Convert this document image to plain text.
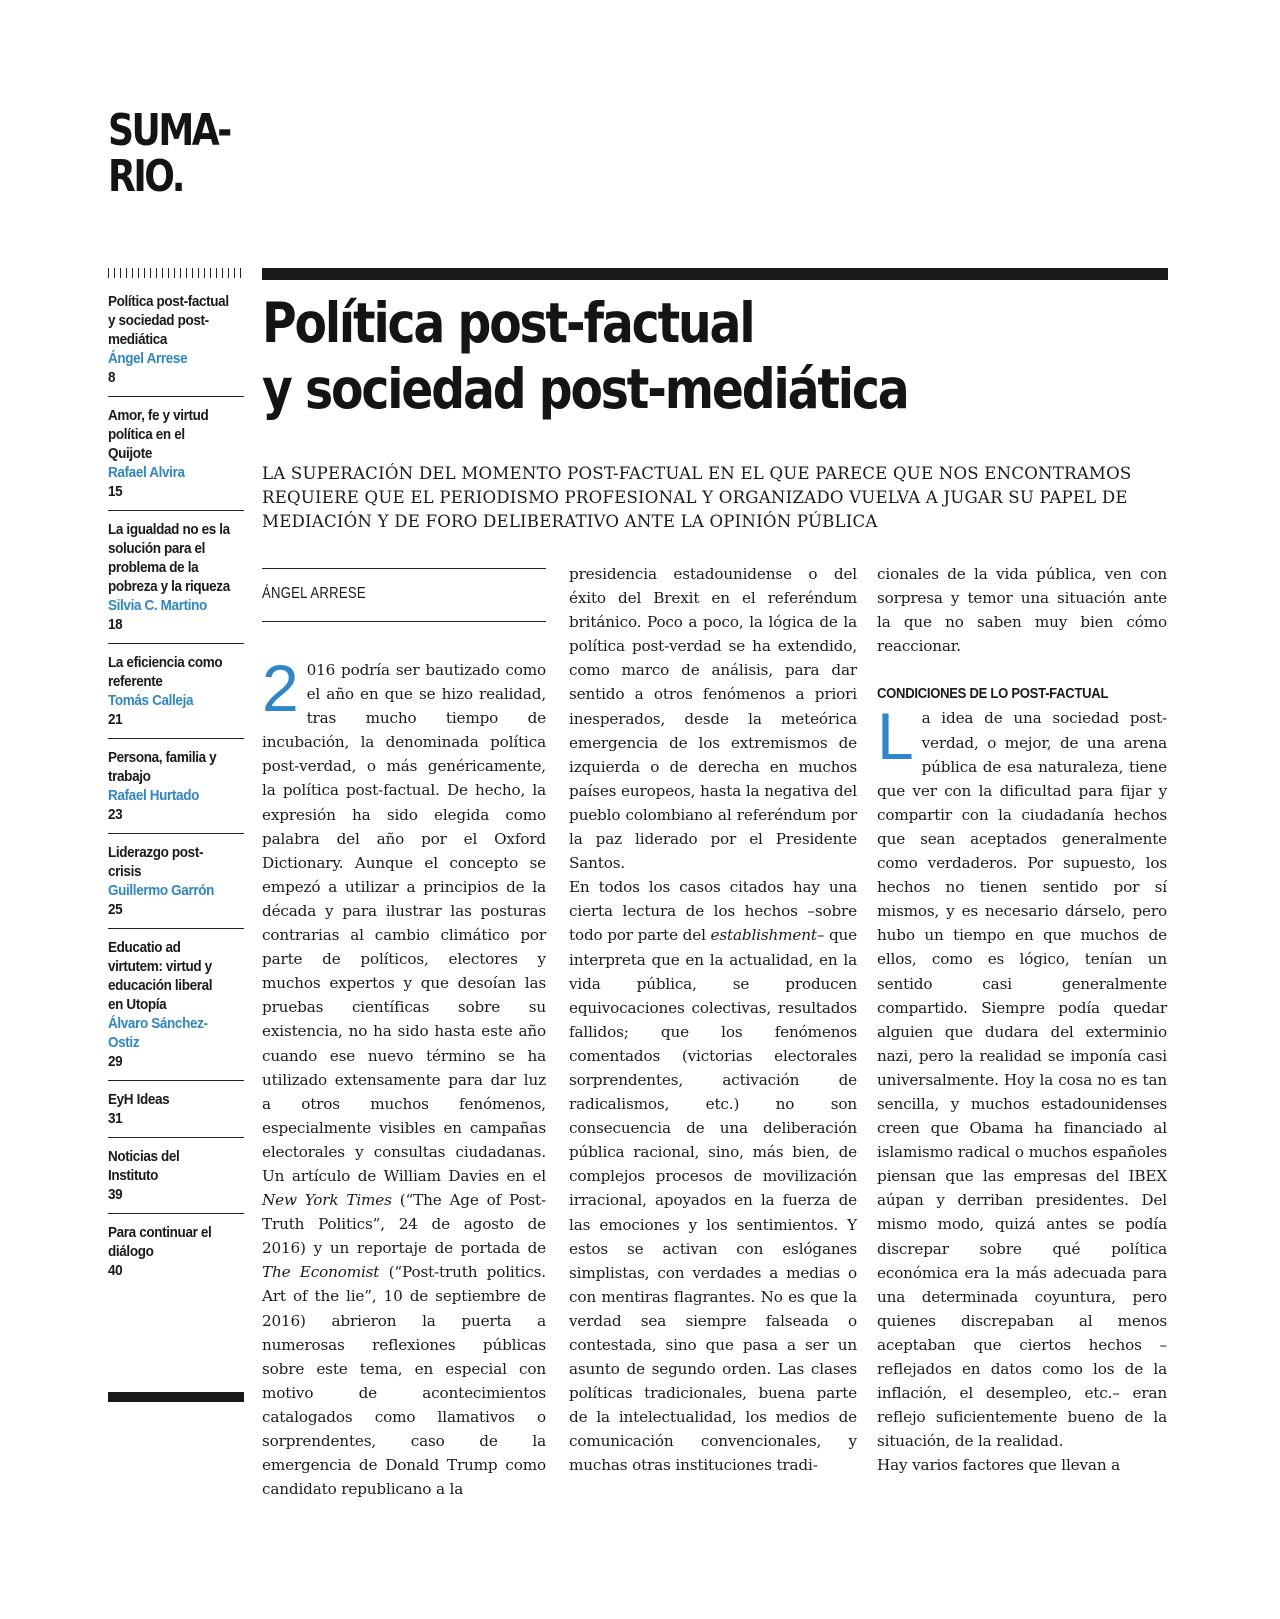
SUMA-
RIO.
Política post-factual y sociedad post-mediática
Ángel Arrese
8
Amor, fe y virtud política en el Quijote
Rafael Alvira
15
La igualdad no es la solución para el problema de la pobreza y la riqueza
Silvia C. Martino
18
La eficiencia como referente
Tomás Calleja
21
Persona, familia y trabajo
Rafael Hurtado
23
Liderazgo post-crisis
Guillermo Garrón
25
Educatio ad virtutem: virtud y educación liberal en Utopía
Álvaro Sánchez-Ostiz
29
EyH Ideas
31
Noticias del Instituto
39
Para continuar el diálogo
40
Política post-factual
y sociedad post-mediática
LA SUPERACIÓN DEL MOMENTO POST-FACTUAL EN EL QUE PARECE QUE NOS ENCONTRAMOS REQUIERE QUE EL PERIODISMO PROFESIONAL Y ORGANIZADO VUELVA A JUGAR SU PAPEL DE MEDIACIÓN Y DE FORO DELIBERATIVO ANTE LA OPINIÓN PÚBLICA
ÁNGEL ARRESE

2 016 podría ser bautizado como el año en que se hizo realidad, tras mucho tiempo de incubación, la denominada política post-verdad, o más genéricamente, la política post-factual. De hecho, la expresión ha sido elegida como palabra del año por el Oxford Dictionary. Aunque el concepto se empezó a utilizar a principios de la década y para ilustrar las posturas contrarias al cambio climático por parte de políticos, electores y muchos expertos y que desoían las pruebas científicas sobre su existencia, no ha sido hasta este año cuando ese nuevo término se ha utilizado extensamente para dar luz a otros muchos fenómenos, especialmente visibles en campañas electorales y consultas ciudadanas. Un artículo de William Davies en el New York Times (“The Age of Post-Truth Politics”, 24 de agosto de 2016) y un reportaje de portada de The Economist (“Post-truth politics. Art of the lie”, 10 de septiembre de 2016) abrieron la puerta a numerosas reflexiones públicas sobre este tema, en especial con motivo de acontecimientos catalogados como llamativos o sorprendentes, caso de la emergencia de Donald Trump como candidato republicano a la

presidencia estadounidense o del éxito del Brexit en el referéndum británico. Poco a poco, la lógica de la política post-verdad se ha extendido, como marco de análisis, para dar sentido a otros fenómenos a priori inesperados, desde la meteórica emergencia de los extremismos de izquierda o de derecha en muchos países europeos, hasta la negativa del pueblo colombiano al referéndum por la paz liderado por el Presidente Santos.

En todos los casos citados hay una cierta lectura de los hechos –sobre todo por parte del establishment– que interpreta que en la actualidad, en la vida pública, se producen equivocaciones colectivas, resultados fallidos; que los fenómenos comentados (victorias electorales sorprendentes, activación de radicalismos, etc.) no son consecuencia de una deliberación pública racional, sino, más bien, de complejos procesos de movilización irracional, apoyados en la fuerza de las emociones y los sentimientos. Y estos se activan con eslóganes simplistas, con verdades a medias o con mentiras flagrantes. No es que la verdad sea siempre falseada o contestada, sino que pasa a ser un asunto de segundo orden. Las clases políticas tradicionales, buena parte de la intelectualidad, los medios de comunicación convencionales, y muchas otras instituciones tradi-

cionales de la vida pública, ven con sorpresa y temor una situación ante la que no saben muy bien cómo reaccionar.

CONDICIONES DE LO POST-FACTUAL

La idea de una sociedad post-verdad, o mejor, de una arena pública de esa naturaleza, tiene que ver con la dificultad para fijar y compartir con la ciudadanía hechos que sean aceptados generalmente como verdaderos. Por supuesto, los hechos no tienen sentido por sí mismos, y es necesario dárselo, pero hubo un tiempo en que muchos de ellos, como es lógico, tenían un sentido casi generalmente compartido. Siempre podía quedar alguien que dudara del exterminio nazi, pero la realidad se imponía casi universalmente. Hoy la cosa no es tan sencilla, y muchos estadounidenses creen que Obama ha financiado al islamismo radical o muchos españoles piensan que las empresas del IBEX aúpan y derriban presidentes. Del mismo modo, quizá antes se podía discrepar sobre qué política económica era la más adecuada para una determinada coyuntura, pero quienes discrepaban al menos aceptaban que ciertos hechos –reflejados en datos como los de la inflación, el desempleo, etc.– eran reflejo suficientemente bueno de la situación, de la realidad.

Hay varios factores que llevan a
